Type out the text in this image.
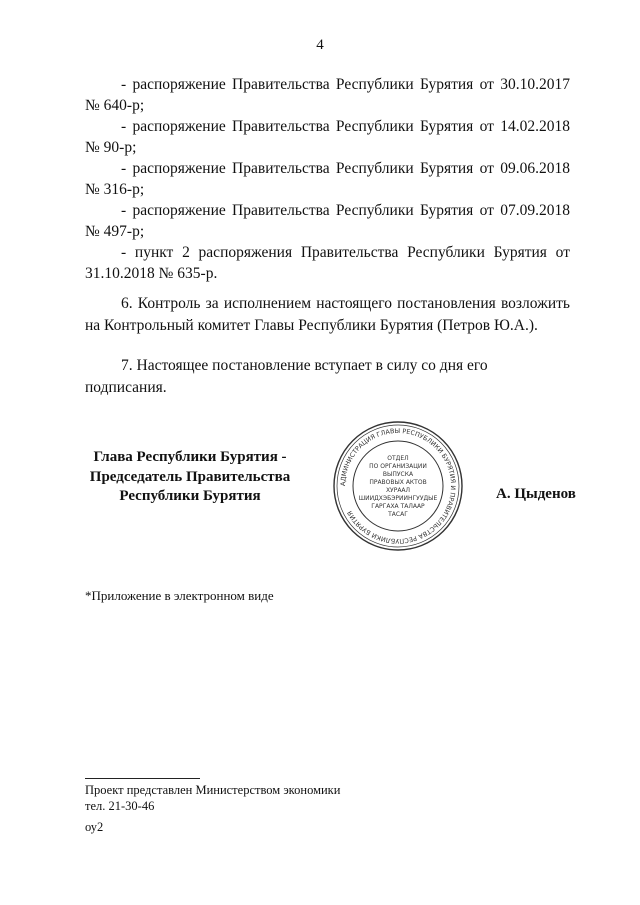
4

- распоряжение Правительства Республики Бурятия от 30.10.2017

№ 640-р;

- распоряжение Правительства Республики Бурятия от 14.02.2018

№ 90-р;

- распоряжение Правительства Республики Бурятия от 09.06.2018

№ 316-р;

- распоряжение Правительства Республики Бурятия от 07.09.2018

№ 497-р;

- пункт 2 распоряжения Правительства Республики Бурятия от

31.10.2018 № 635-р.

6. Контроль за исполнением настоящего постановления возложить на Контрольный комитет Главы Республики Бурятия (Петров Ю.А.).

7. Настоящее постановление вступает в силу со дня его подписания.

Глава Республики Бурятия -
Председатель Правительства
Республики Бурятия
АДМИНИСТРАЦИЯ ГЛАВЫ РЕСПУБЛИКИ БУРЯТИЯ И ПРАВИТЕЛЬСТВА РЕСПУБЛИКИ БУРЯТИЯ
ОТДЕЛ
ПО ОРГАНИЗАЦИИ
ВЫПУСКА
ПРАВОВЫХ АКТОВ
ХУРААЛ
ШИИДХЭБЭРИИНГУУДЫЕ
ГАРГАХА ТАЛААР
ТАСАГ
А. Цыденов
*Приложение в электронном виде

Проект представлен Министерством экономики

тел. 21-30-46

оу2
